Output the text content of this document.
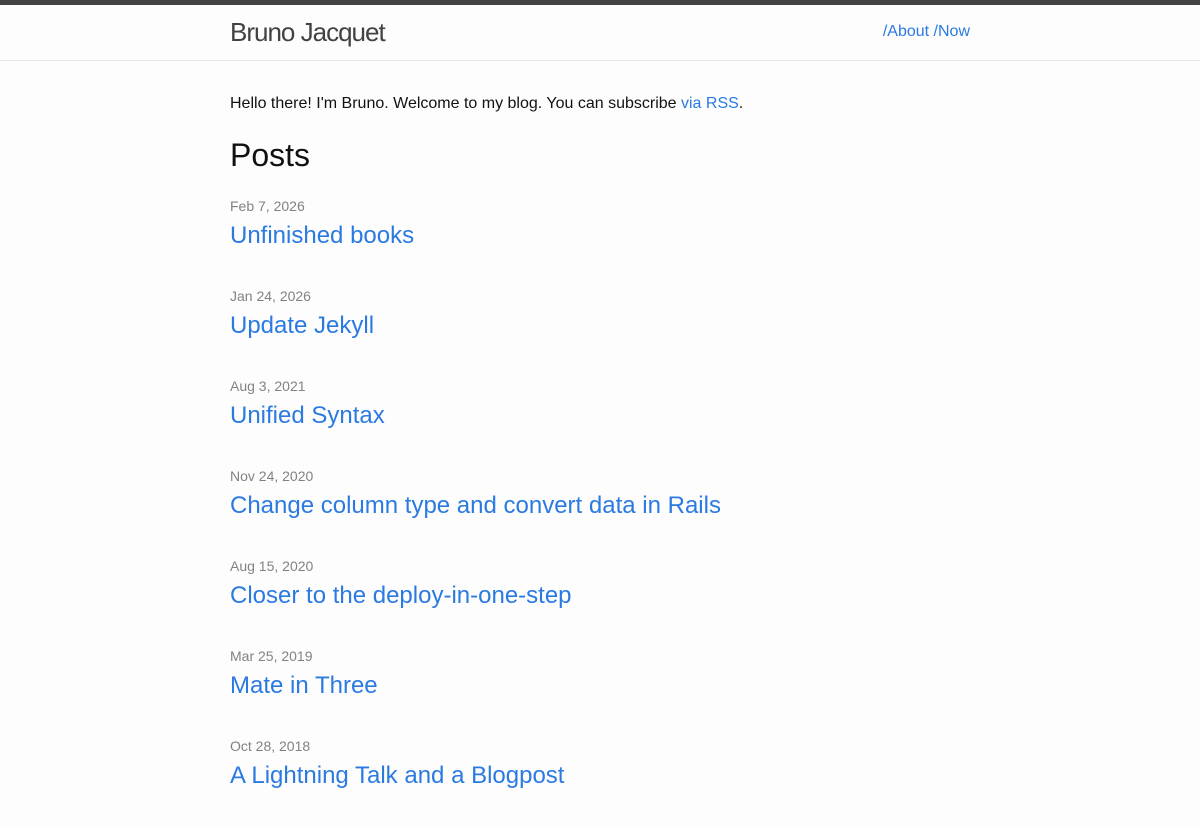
Bruno Jacquet	/About /Now

Hello there! I'm Bruno. Welcome to my blog. You can subscribe via RSS.

Posts
Feb 7, 2026
Unfinished books
Jan 24, 2026
Update Jekyll
Aug 3, 2021
Unified Syntax
Nov 24, 2020
Change column type and convert data in Rails
Aug 15, 2020
Closer to the deploy-in-one-step
Mar 25, 2019
Mate in Three
Oct 28, 2018
A Lightning Talk and a Blogpost
